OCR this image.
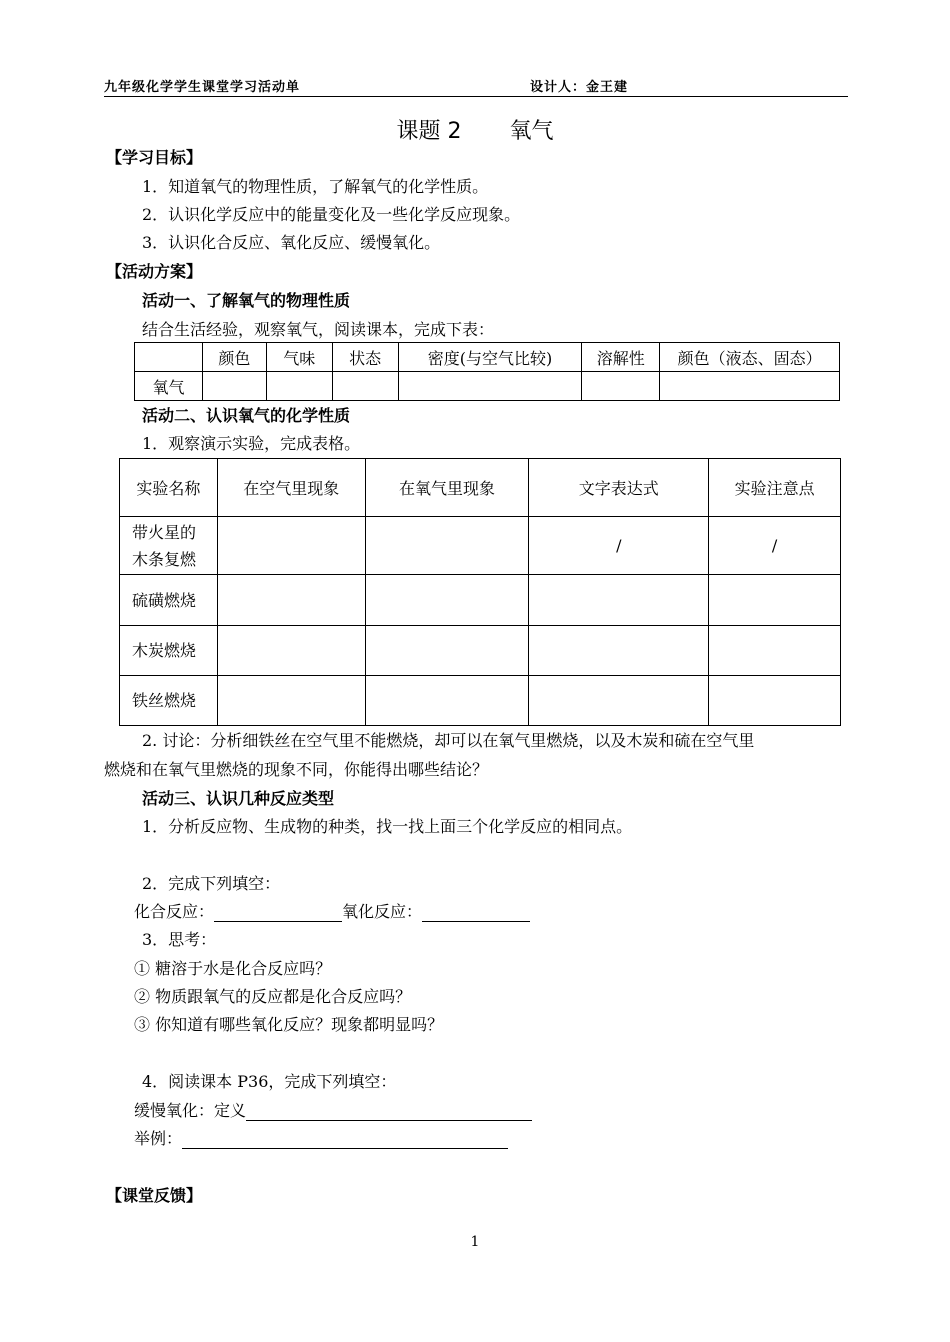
九年级化学学生课堂学习活动单	设计人：金王建
课题 2 氧气
【学习目标】
1．知道氧气的物理性质，了解氧气的化学性质。
2．认识化学反应中的能量变化及一些化学反应现象。
3．认识化合反应、氧化反应、缓慢氧化。
【活动方案】
活动一、了解氧气的物理性质
结合生活经验，观察氧气，阅读课本，完成下表：
	颜色	气味	状态	密度(与空气比较)	溶解性	颜色（液态、固态）
氧气						
活动二、认识氧气的化学性质
1．观察演示实验，完成表格。
实验名称	在空气里现象	在氧气里现象	文字表达式	实验注意点

带火星的
木条复燃			/	/
硫磺燃烧				
木炭燃烧				
铁丝燃烧				
2. 讨论：分析细铁丝在空气里不能燃烧，却可以在氧气里燃烧，以及木炭和硫在空气里
燃烧和在氧气里燃烧的现象不同，你能得出哪些结论？
活动三、认识几种反应类型
1．分析反应物、生成物的种类，找一找上面三个化学反应的相同点。
2．完成下列填空：
化合反应：	氧化反应：
3．思考：
① 糖溶于水是化合反应吗？
② 物质跟氧气的反应都是化合反应吗？
③ 你知道有哪些氧化反应？现象都明显吗？
4．阅读课本 P36，完成下列填空：
缓慢氧化：定义
举例：
【课堂反馈】
1
